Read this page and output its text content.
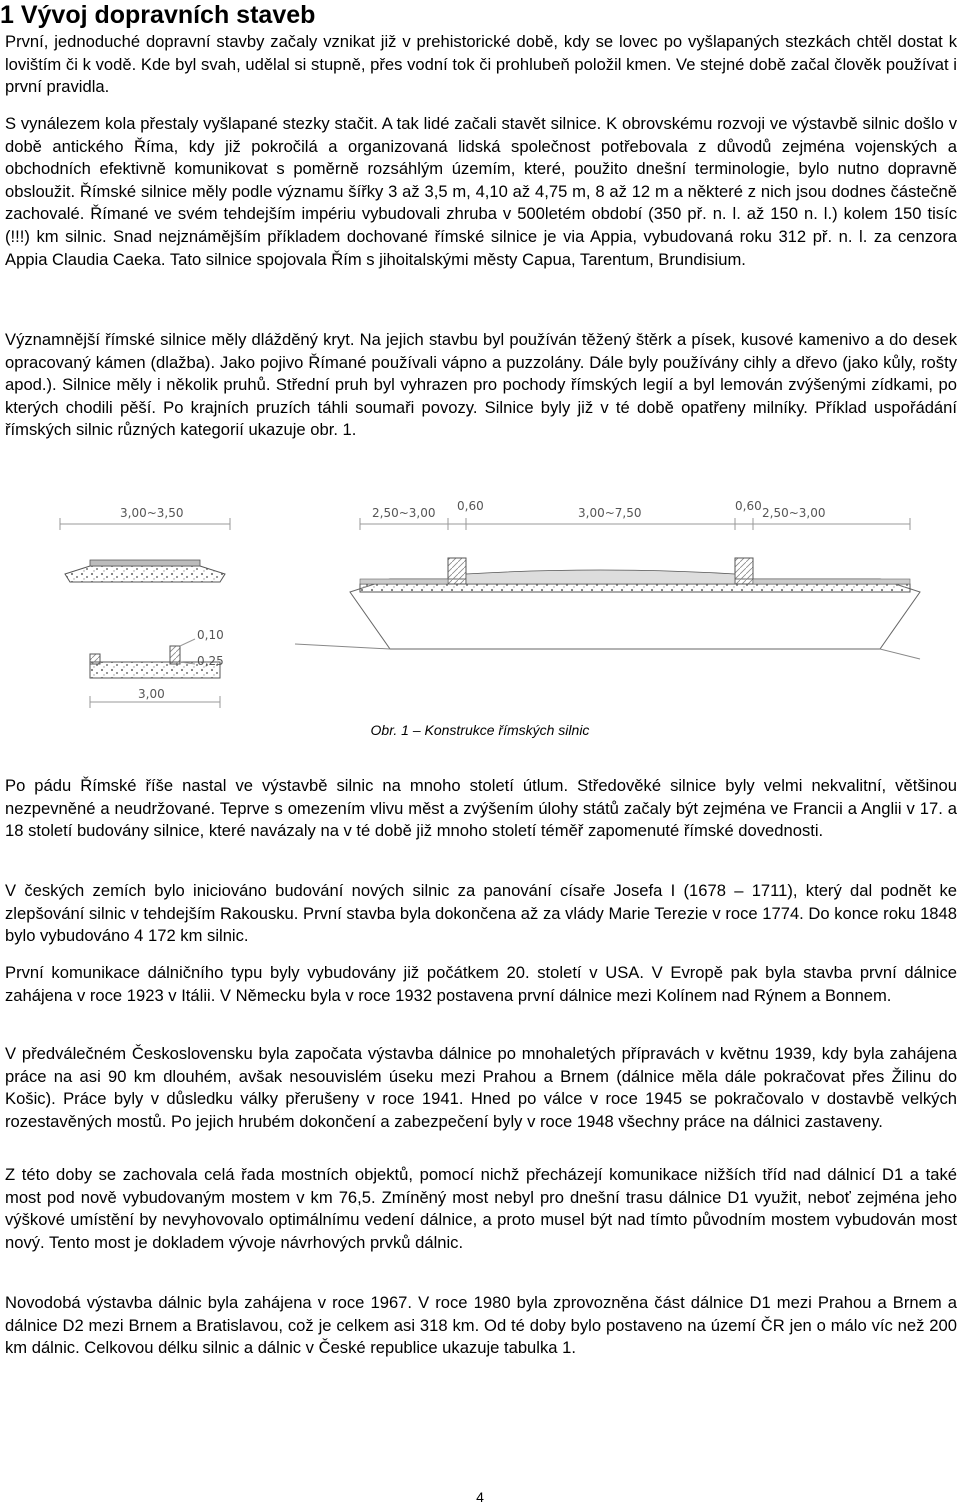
1 Vývoj dopravních staveb

První, jednoduché dopravní stavby začaly vznikat již v prehistorické době, kdy se lovec po vyšlapaných stezkách chtěl dostat k lovištím či k vodě. Kde byl svah, udělal si stupně, přes vodní tok či prohlubeň položil kmen. Ve stejné době začal člověk používat i první pravidla.

S vynálezem kola přestaly vyšlapané stezky stačit. A tak lidé začali stavět silnice. K obrovskému rozvoji ve výstavbě silnic došlo v době antického Říma, kdy již pokročilá a organizovaná lidská společnost potřebovala z důvodů zejména vojenských a obchodních efektivně komunikovat s poměrně rozsáhlým územím, které, použito dnešní terminologie, bylo nutno dopravně obsloužit. Římské silnice měly podle významu šířky 3 až 3,5 m, 4,10 až 4,75 m, 8 až 12 m a některé z nich jsou dodnes částečně zachovalé. Římané ve svém tehdejším impériu vybudovali zhruba v 500letém období (350 př. n. l. až 150 n. l.) kolem 150 tisíc (!!!) km silnic. Snad nejznámějším příkladem dochované římské silnice je via Appia, vybudovaná roku 312 př. n. l. za cenzora Appia Claudia Caeka. Tato silnice spojovala Řím s jihoitalskými městy Capua, Tarentum, Brundisium.

Významnější římské silnice měly dlážděný kryt. Na jejich stavbu byl používán těžený štěrk a písek, kusové kamenivo a do desek opracovaný kámen (dlažba). Jako pojivo Římané používali vápno a puzzolány. Dále byly používány cihly a dřevo (jako kůly, rošty apod.). Silnice měly i několik pruhů. Střední pruh byl vyhrazen pro pochody římských legií a byl lemován zvýšenými zídkami, po kterých chodili pěší. Po krajních pruzích táhli soumaři povozy. Silnice byly již v té době opatřeny milníky. Příklad uspořádání římských silnic různých kategorií ukazuje obr. 1.

3,00~3,50	2,50~3,00 0,60	3,00~7,50	0,60 2,50~3,00
0,10
0,25
3,00

Obr. 1 – Konstrukce římských silnic

Po pádu Římské říše nastal ve výstavbě silnic na mnoho století útlum. Středověké silnice byly velmi nekvalitní, většinou nezpevněné a neudržované. Teprve s omezením vlivu měst a zvýšením úlohy států začaly být zejména ve Francii a Anglii v 17. a 18 století budovány silnice, které navázaly na v té době již mnoho století téměř zapomenuté římské dovednosti.

V českých zemích bylo iniciováno budování nových silnic za panování císaře Josefa I (1678 – 1711), který dal podnět ke zlepšování silnic v tehdejším Rakousku. První stavba byla dokončena až za vlády Marie Terezie v roce 1774. Do konce roku 1848 bylo vybudováno 4 172 km silnic.

První komunikace dálničního typu byly vybudovány již počátkem 20. století v USA. V Evropě pak byla stavba první dálnice zahájena v roce 1923 v Itálii. V Německu byla v roce 1932 postavena první dálnice mezi Kolínem nad Rýnem a Bonnem.

V předválečném Československu byla započata výstavba dálnice po mnohaletých přípravách v květnu 1939, kdy byla zahájena práce na asi 90 km dlouhém, avšak nesouvislém úseku mezi Prahou a Brnem (dálnice měla dále pokračovat přes Žilinu do Košic). Práce byly v důsledku války přerušeny v roce 1941. Hned po válce v roce 1945 se pokračovalo v dostavbě velkých rozestavěných mostů. Po jejich hrubém dokončení a zabezpečení byly v roce 1948 všechny práce na dálnici zastaveny.

Z této doby se zachovala celá řada mostních objektů, pomocí nichž přecházejí komunikace nižších tříd nad dálnicí D1 a také most pod nově vybudovaným mostem v km 76,5. Zmíněný most nebyl pro dnešní trasu dálnice D1 využit, neboť zejména jeho výškové umístění by nevyhovovalo optimálnímu vedení dálnice, a proto musel být nad tímto původním mostem vybudován most nový. Tento most je dokladem vývoje návrhových prvků dálnic.

Novodobá výstavba dálnic byla zahájena v roce 1967. V roce 1980 byla zprovozněna část dálnice D1 mezi Prahou a Brnem a dálnice D2 mezi Brnem a Bratislavou, což je celkem asi 318 km. Od té doby bylo postaveno na území ČR jen o málo víc než 200 km dálnic. Celkovou délku silnic a dálnic v České republice ukazuje tabulka 1.

4
